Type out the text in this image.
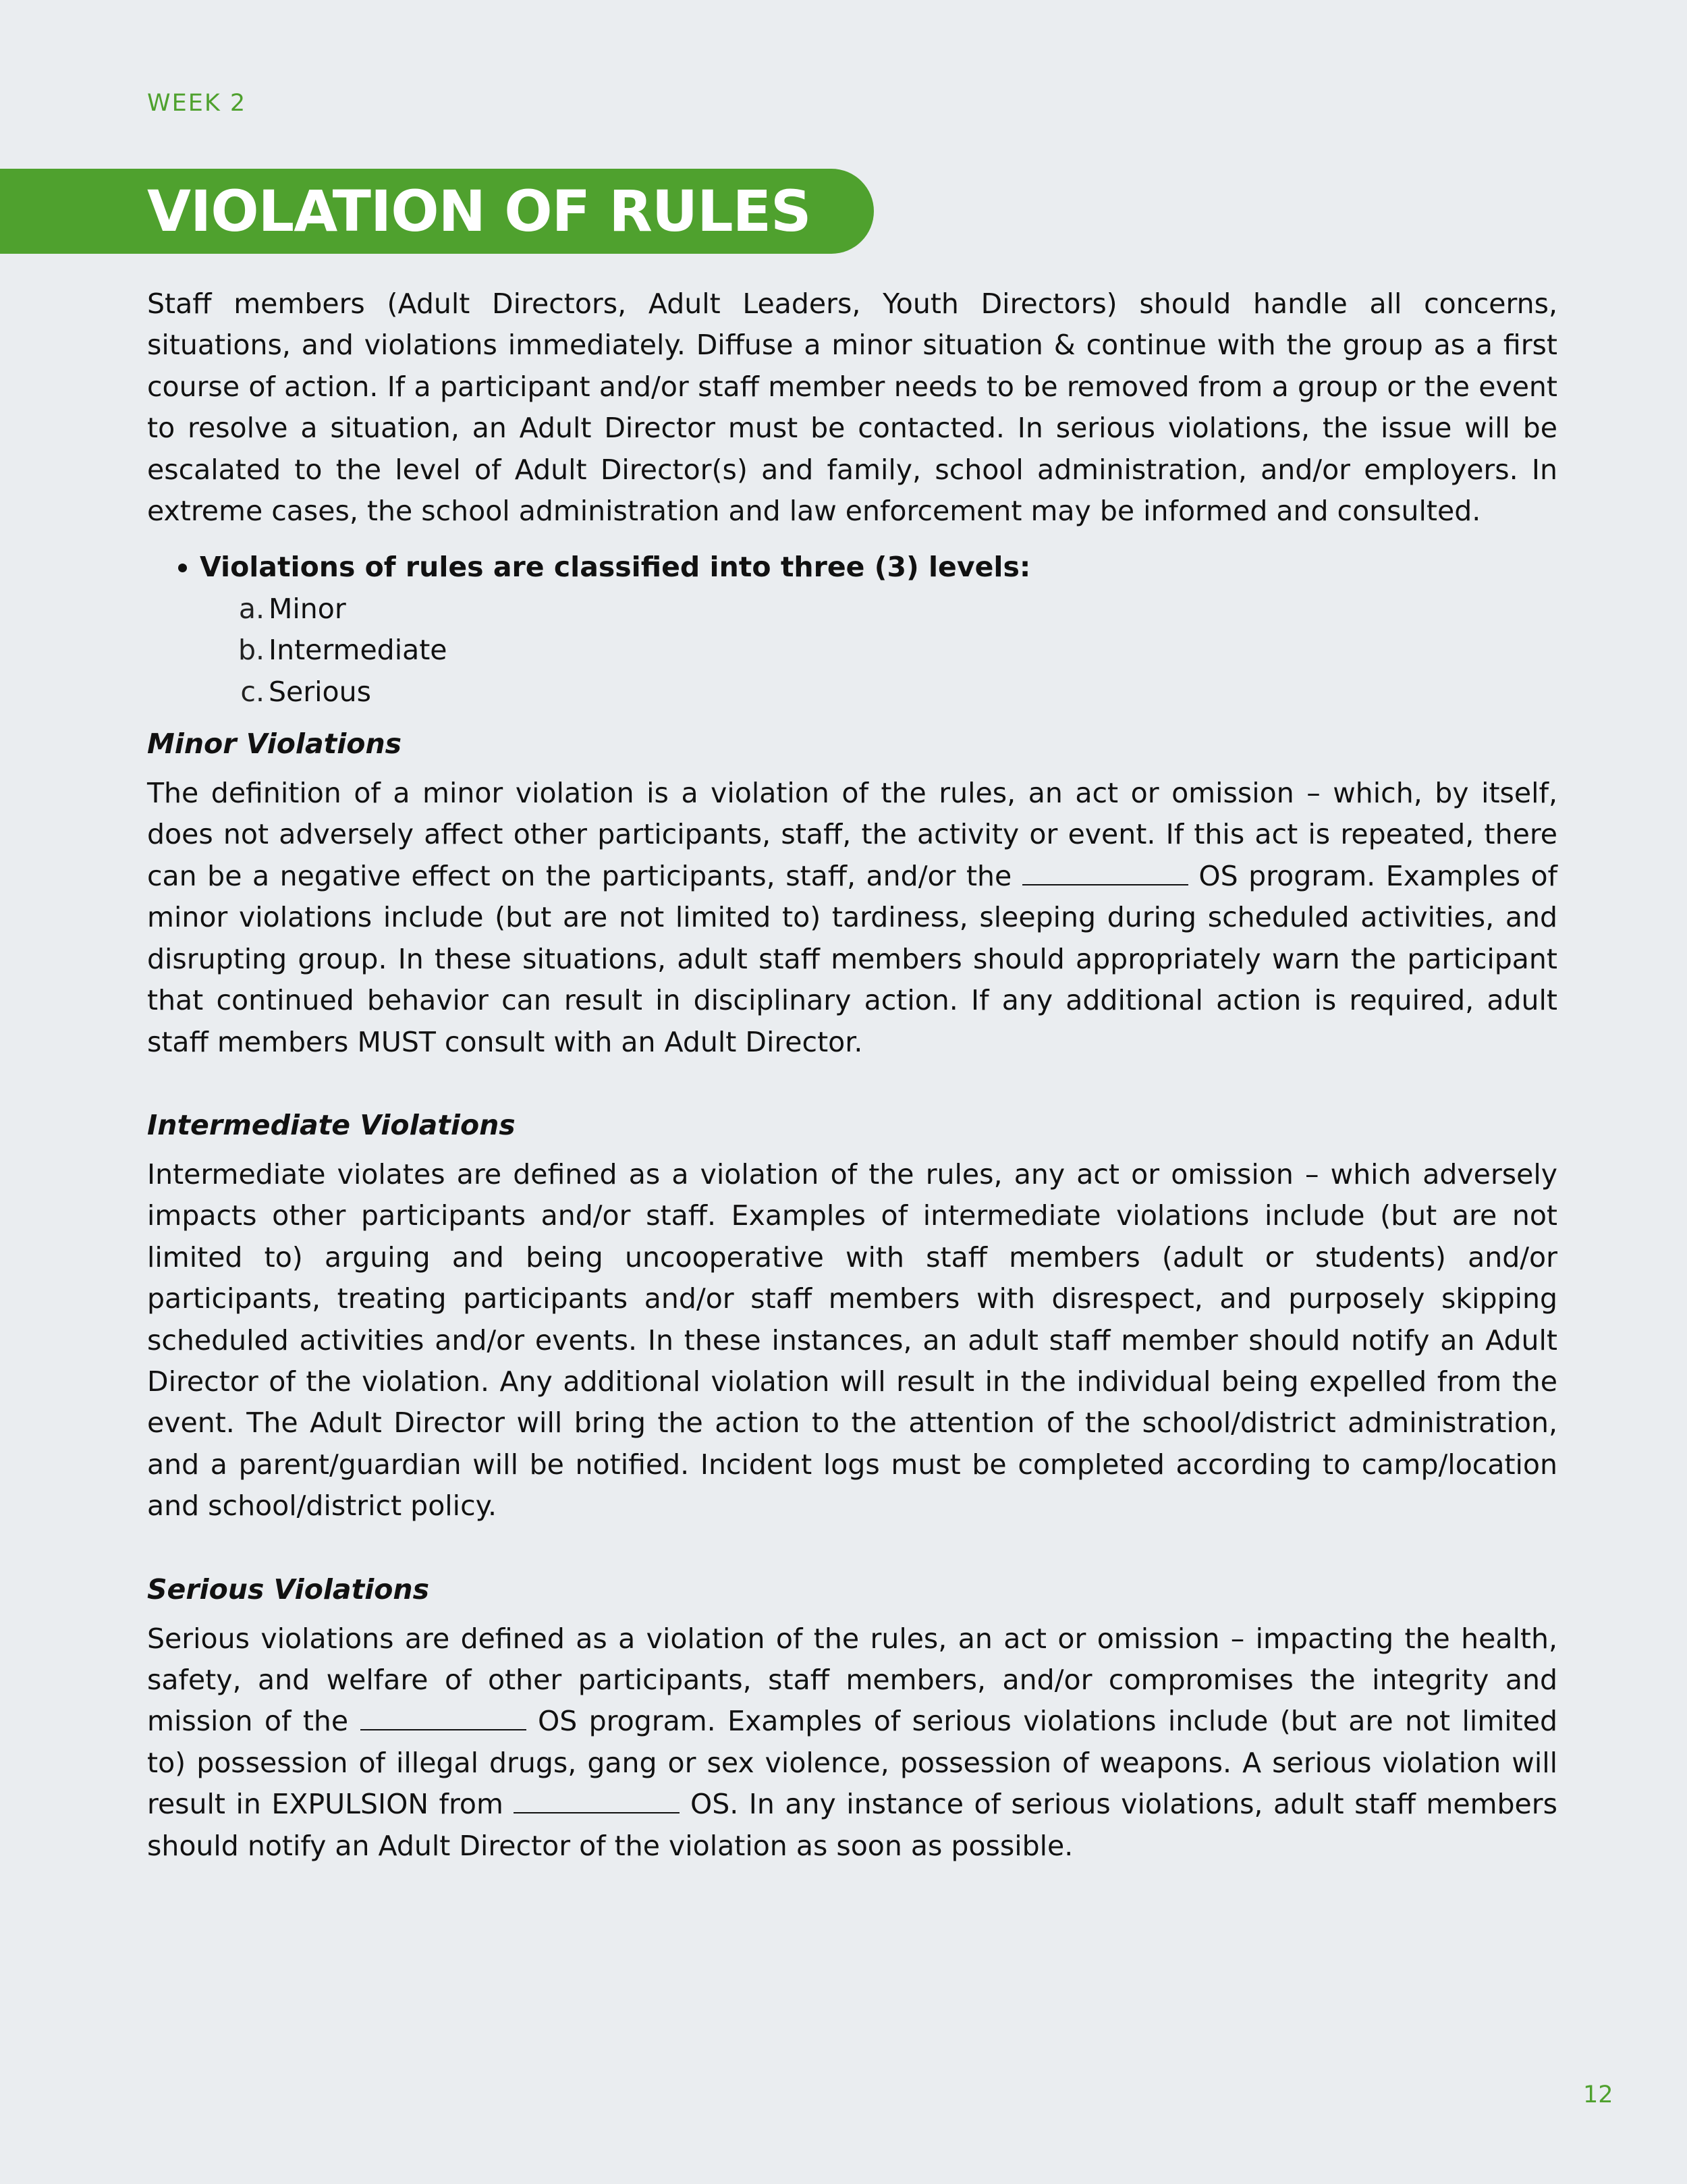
WEEK 2

VIOLATION OF RULES

Staff members (Adult Directors, Adult Leaders, Youth Directors) should handle all concerns, situations, and violations immediately. Diffuse a minor situation & continue with the group as a first course of action. If a participant and/or staff member needs to be removed from a group or the event to resolve a situation, an Adult Director must be contacted. In serious violations, the issue will be escalated to the level of Adult Director(s) and family, school administration, and/or employers. In extreme cases, the school administration and law enforcement may be informed and consulted.

• Violations of rules are classified into three (3) levels:
a. Minor
b. Intermediate
c. Serious
Minor Violations

The definition of a minor violation is a violation of the rules, an act or omission – which, by itself, does not adversely affect other participants, staff, the activity or event. If this act is repeated, there can be a negative effect on the participants, staff, and/or the	OS program. Examples of minor violations include (but are not limited to) tardiness, sleeping during scheduled activities, and disrupting group. In these situations, adult staff members should appropriately warn the participant that continued behavior can result in disciplinary action. If any additional action is required, adult staff members MUST consult with an Adult Director.

Intermediate Violations

Intermediate violates are defined as a violation of the rules, any act or omission – which adversely impacts other participants and/or staff. Examples of intermediate violations include (but are not limited to) arguing and being uncooperative with staff members (adult or students) and/or participants, treating participants and/or staff members with disrespect, and purposely skipping scheduled activities and/or events. In these instances, an adult staff member should notify an Adult Director of the violation. Any additional violation will result in the individual being expelled from the event. The Adult Director will bring the action to the attention of the school/district administration, and a parent/guardian will be notified. Incident logs must be completed according to camp/location and school/district policy.

Serious Violations

Serious violations are defined as a violation of the rules, an act or omission – impacting the health, safety, and welfare of other participants, staff members, and/or compromises the integrity and mission of the	OS program. Examples of serious violations include (but are not limited to) possession of illegal drugs, gang or sex violence, possession of weapons. A serious violation will result in EXPULSION from	OS. In any instance of serious violations, adult staff members should notify an Adult Director of the violation as soon as possible.

12
